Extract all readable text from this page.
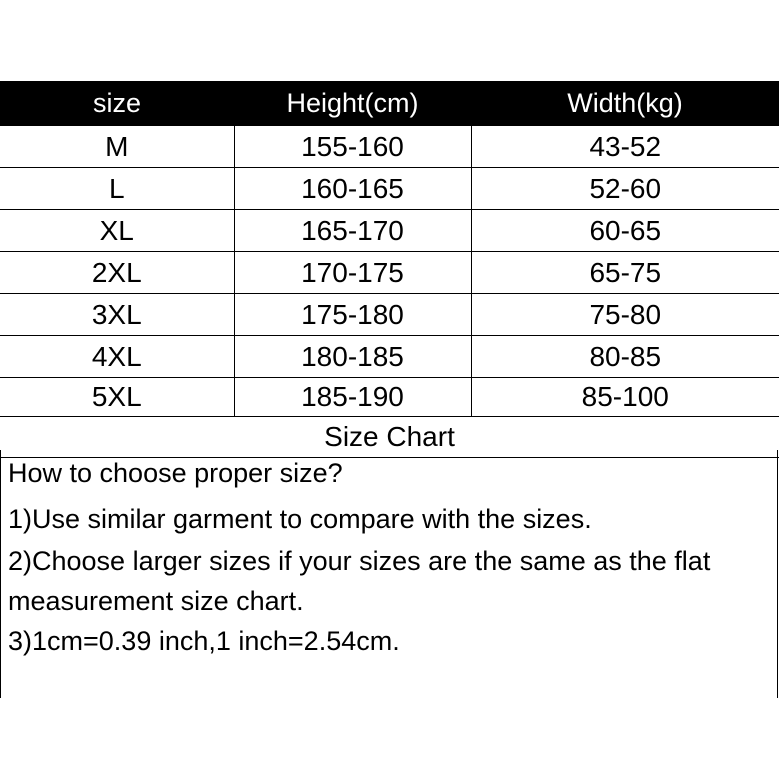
size	Height(cm)	Width(kg)
M	155-160	43-52
L	160-165	52-60
XL	165-170	60-65
2XL	170-175	65-75
3XL	175-180	75-80
4XL	180-185	80-85
5XL	185-190	85-100
Size Chart		
How to choose proper size?
1)Use similar garment to compare with the sizes.
2)Choose larger sizes if your sizes are the same as the flat
measurement size chart.
3)1cm=0.39 inch,1 inch=2.54cm.
